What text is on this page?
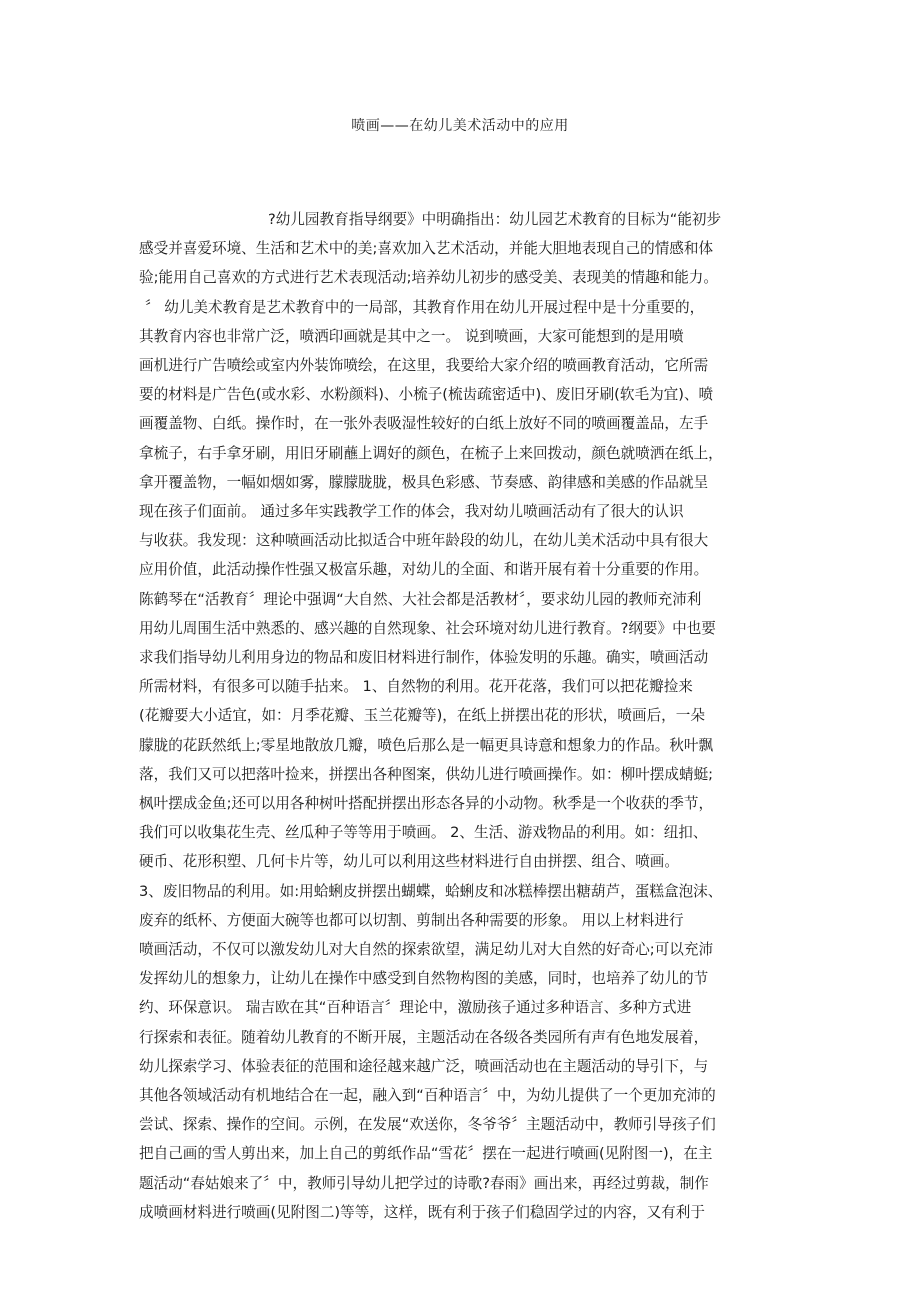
喷画——在幼儿美术活动中的应用
?幼儿园教育指导纲要》中明确指出：幼儿园艺术教育的目标为“能初步
感受并喜爱环境、生活和艺术中的美;喜欢加入艺术活动，并能大胆地表现自己的情感和体
验;能用自己喜欢的方式进行艺术表现活动;培养幼儿初步的感受美、表现美的情趣和能力。
〞 幼儿美术教育是艺术教育中的一局部，其教育作用在幼儿开展过程中是十分重要的，
其教育内容也非常广泛，喷洒印画就是其中之一。 说到喷画，大家可能想到的是用喷
画机进行广告喷绘或室内外装饰喷绘，在这里，我要给大家介绍的喷画教育活动，它所需
要的材料是广告色(或水彩、水粉颜料)、小梳子(梳齿疏密适中)、废旧牙刷(软毛为宜)、喷
画覆盖物、白纸。操作时，在一张外表吸湿性较好的白纸上放好不同的喷画覆盖品，左手
拿梳子，右手拿牙刷，用旧牙刷蘸上调好的颜色，在梳子上来回拨动，颜色就喷洒在纸上，
拿开覆盖物，一幅如烟如雾，朦朦胧胧，极具色彩感、节奏感、韵律感和美感的作品就呈
现在孩子们面前。 通过多年实践教学工作的体会，我对幼儿喷画活动有了很大的认识
与收获。我发现：这种喷画活动比拟适合中班年龄段的幼儿，在幼儿美术活动中具有很大
应用价值，此活动操作性强又极富乐趣，对幼儿的全面、和谐开展有着十分重要的作用。
陈鹤琴在“活教育〞理论中强调“大自然、大社会都是活教材〞，要求幼儿园的教师充沛利
用幼儿周围生活中熟悉的、感兴趣的自然现象、社会环境对幼儿进行教育。?纲要》中也要
求我们指导幼儿利用身边的物品和废旧材料进行制作，体验发明的乐趣。确实，喷画活动
所需材料，有很多可以随手拈来。 1、自然物的利用。花开花落，我们可以把花瓣捡来
(花瓣要大小适宜，如：月季花瓣、玉兰花瓣等)，在纸上拼摆出花的形状，喷画后，一朵
朦胧的花跃然纸上;零星地散放几瓣，喷色后那么是一幅更具诗意和想象力的作品。秋叶飘
落，我们又可以把落叶捡来，拼摆出各种图案，供幼儿进行喷画操作。如：柳叶摆成蜻蜓;
枫叶摆成金鱼;还可以用各种树叶搭配拼摆出形态各异的小动物。秋季是一个收获的季节，
我们可以收集花生壳、丝瓜种子等等用于喷画。 2、生活、游戏物品的利用。如：纽扣、
硬币、花形积塑、几何卡片等，幼儿可以利用这些材料进行自由拼摆、组合、喷画。
3、废旧物品的利用。如:用蛤蜊皮拼摆出蝴蝶，蛤蜊皮和冰糕棒摆出糖葫芦，蛋糕盒泡沫、
废弃的纸杯、方便面大碗等也都可以切割、剪制出各种需要的形象。 用以上材料进行
喷画活动，不仅可以激发幼儿对大自然的探索欲望，满足幼儿对大自然的好奇心;可以充沛
发挥幼儿的想象力，让幼儿在操作中感受到自然物构图的美感，同时，也培养了幼儿的节
约、环保意识。 瑞吉欧在其“百种语言〞理论中，激励孩子通过多种语言、多种方式进
行探索和表征。随着幼儿教育的不断开展，主题活动在各级各类园所有声有色地发展着，
幼儿探索学习、体验表征的范围和途径越来越广泛，喷画活动也在主题活动的导引下，与
其他各领域活动有机地结合在一起，融入到“百种语言〞中，为幼儿提供了一个更加充沛的
尝试、探索、操作的空间。示例，在发展“欢送你，冬爷爷〞主题活动中，教师引导孩子们
把自己画的雪人剪出来，加上自己的剪纸作品“雪花〞摆在一起进行喷画(见附图一)，在主
题活动“春姑娘来了〞中，教师引导幼儿把学过的诗歌?春雨》画出来，再经过剪裁，制作
成喷画材料进行喷画(见附图二)等等，这样，既有利于孩子们稳固学过的内容，又有利于
